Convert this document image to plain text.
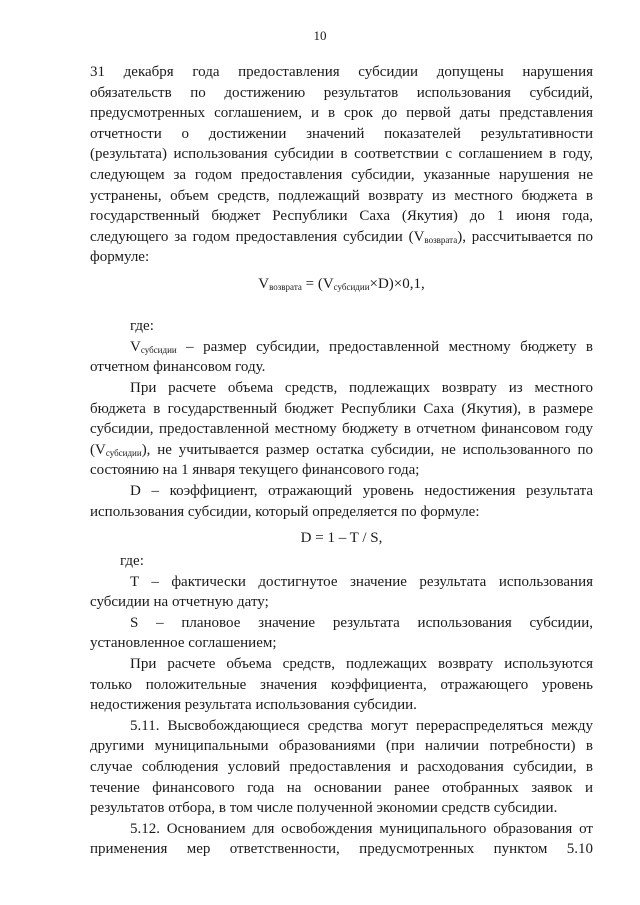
10
31 декабря года предоставления субсидии допущены нарушения
обязательств по достижению результатов использования субсидий,
предусмотренных соглашением, и в срок до первой даты представления
отчетности о достижении значений показателей результативности
(результата) использования субсидии в соответствии с соглашением в году,
следующем за годом предоставления субсидии, указанные нарушения не
устранены, объем средств, подлежащий возврату из местного бюджета в
государственный бюджет Республики Саха (Якутия) до 1 июня года,
следующего за годом предоставления субсидии $(V_{возврата})$, рассчитывается по
формуле:
$V_{возврата} = (V_{субсидии}\times D)\times 0,1$,
где:
$V_{субсидии}$ – размер субсидии, предоставленной местному бюджету в
отчетном финансовом году.
При расчете объема средств, подлежащих возврату из местного
бюджета в государственный бюджет Республики Саха (Якутия), в размере
субсидии, предоставленной местному бюджету в отчетном финансовом году
$(V_{субсидии})$, не учитывается размер остатка субсидии, не использованного по
состоянию на 1 января текущего финансового года;
D – коэффициент, отражающий уровень недостижения результата
использования субсидии, который определяется по формуле:
D = 1 – T / S,
где:
T – фактически достигнутое значение результата использования
субсидии на отчетную дату;
S – плановое значение результата использования субсидии,
установленное соглашением;
При расчете объема средств, подлежащих возврату используются
только положительные значения коэффициента, отражающего уровень
недостижения результата использования субсидии.
5.11. Высвобождающиеся средства могут перераспределяться между
другими муниципальными образованиями (при наличии потребности) в
случае соблюдения условий предоставления и расходования субсидии, в
течение финансового года на основании ранее отобранных заявок и
результатов отбора, в том числе полученной экономии средств субсидии.
5.12. Основанием для освобождения муниципального образования от
применения мер ответственности, предусмотренных пунктом 5.10
